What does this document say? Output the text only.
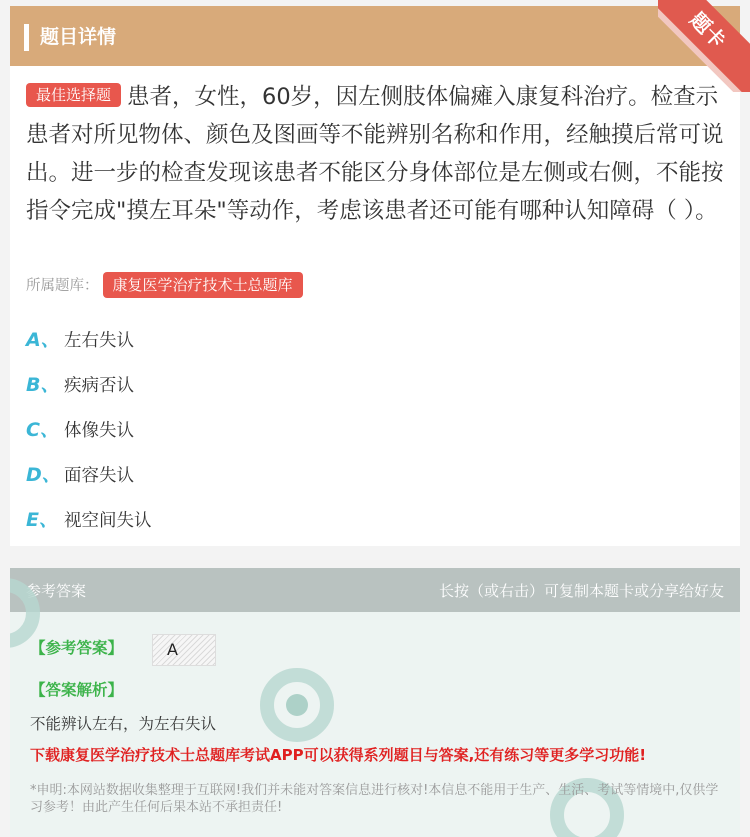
题目详情	题卡
最佳选择题 患者，女性，60岁，因左侧肢体偏瘫入康复科治疗。检查示患者对所见物体、颜色及图画等不能辨别名称和作用，经触摸后常可说出。进一步的检查发现该患者不能区分身体部位是左侧或右侧，不能按指令完成"摸左耳朵"等动作，考虑该患者还可能有哪种认知障碍（ ）。
所属题库： 康复医学治疗技术士总题库
A、 左右失认
B、 疾病否认
C、 体像失认
D、 面容失认
E、 视空间失认
参考答案	长按（或右击）可复制本题卡或分享给好友
【参考答案】	A
【答案解析】
不能辨认左右，为左右失认
下载康复医学治疗技术士总题库考试APP可以获得系列题目与答案,还有练习等更多学习功能!
*申明:本网站数据收集整理于互联网!我们并未能对答案信息进行核对!本信息不能用于生产、生活、考试等情境中,仅供学习参考！由此产生任何后果本站不承担责任!
